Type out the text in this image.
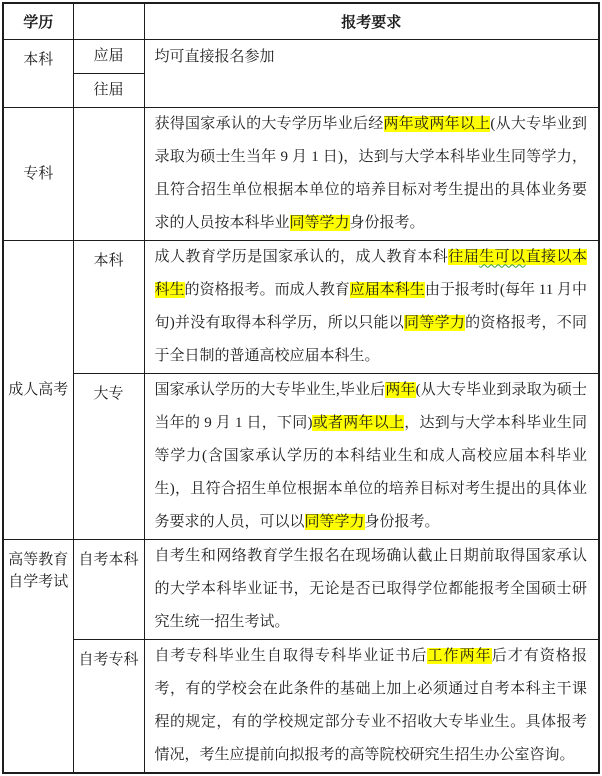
学历		报考要求
本科	应届	均可直接报名参加
	往届	
专科		获得国家承认的大专学历毕业后经两年或两年以上(从大专毕业到录取为硕士生当年 9 月 1 日)，达到与大学本科毕业生同等学力，且符合招生单位根据本单位的培养目标对考生提出的具体业务要求的人员按本科毕业同等学力身份报考。
成人高考	本科	成人教育学历是国家承认的，成人教育本科往届生可以直接以本科生的资格报考。而成人教育应届本科生由于报考时(每年 11 月中旬)并没有取得本科学历，所以只能以同等学力的资格报考，不同于全日制的普通高校应届本科生。
	大专	国家承认学历的大专毕业生,毕业后两年(从大专毕业到录取为硕士当年的 9 月 1 日，下同)或者两年以上，达到与大学本科毕业生同等学力(含国家承认学历的本科结业生和成人高校应届本科毕业生)，且符合招生单位根据本单位的培养目标对考生提出的具体业务要求的人员，可以以同等学力身份报考。
高等教育自学考试	自考本科	自考生和网络教育学生报名在现场确认截止日期前取得国家承认的大学本科毕业证书，无论是否已取得学位都能报考全国硕士研究生统一招生考试。
	自考专科	自考专科毕业生自取得专科毕业证书后工作两年后才有资格报考，有的学校会在此条件的基础上加上必须通过自考本科主干课程的规定，有的学校规定部分专业不招收大专毕业生。具体报考情况，考生应提前向拟报考的高等院校研究生招生办公室咨询。
